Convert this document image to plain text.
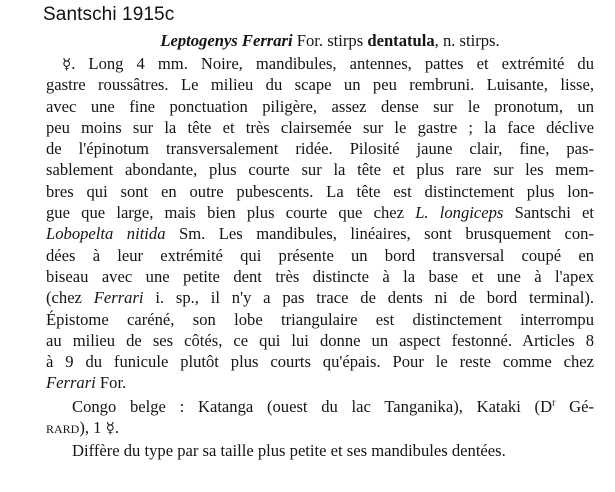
Santschi 1915c
Leptogenys Ferrari For. stirps dentatula, n. stirps.
☿. Long 4 mm. Noire, mandibules, antennes, pattes et extrémité du
gastre roussâtres. Le milieu du scape un peu rembruni. Luisante, lisse,
avec une fine ponctuation piligère, assez dense sur le pronotum, un
peu moins sur la tête et très clairsemée sur le gastre ; la face déclive
de l'épinotum transversalement ridée. Pilosité jaune clair, fine, pas-
sablement abondante, plus courte sur la tête et plus rare sur les mem-
bres qui sont en outre pubescents. La tête est distinctement plus lon-
gue que large, mais bien plus courte que chez L. longiceps Santschi et
Lobopelta nitida Sm. Les mandibules, linéaires, sont brusquement con-
dées à leur extrémité qui présente un bord transversal coupé en
biseau avec une petite dent très distincte à la base et une à l'apex
(chez Ferrari i. sp., il n'y a pas trace de dents ni de bord terminal).
Épistome caréné, son lobe triangulaire est distinctement interrompu
au milieu de ses côtés, ce qui lui donne un aspect festonné. Articles 8
à 9 du funicule plutôt plus courts qu'épais. Pour le reste comme chez
Ferrari For.
Congo belge : Katanga (ouest du lac Tanganika), Kataki ($D^r$ Gé-
rard), 1 ☿.
Diffère du type par sa taille plus petite et ses mandibules dentées.
